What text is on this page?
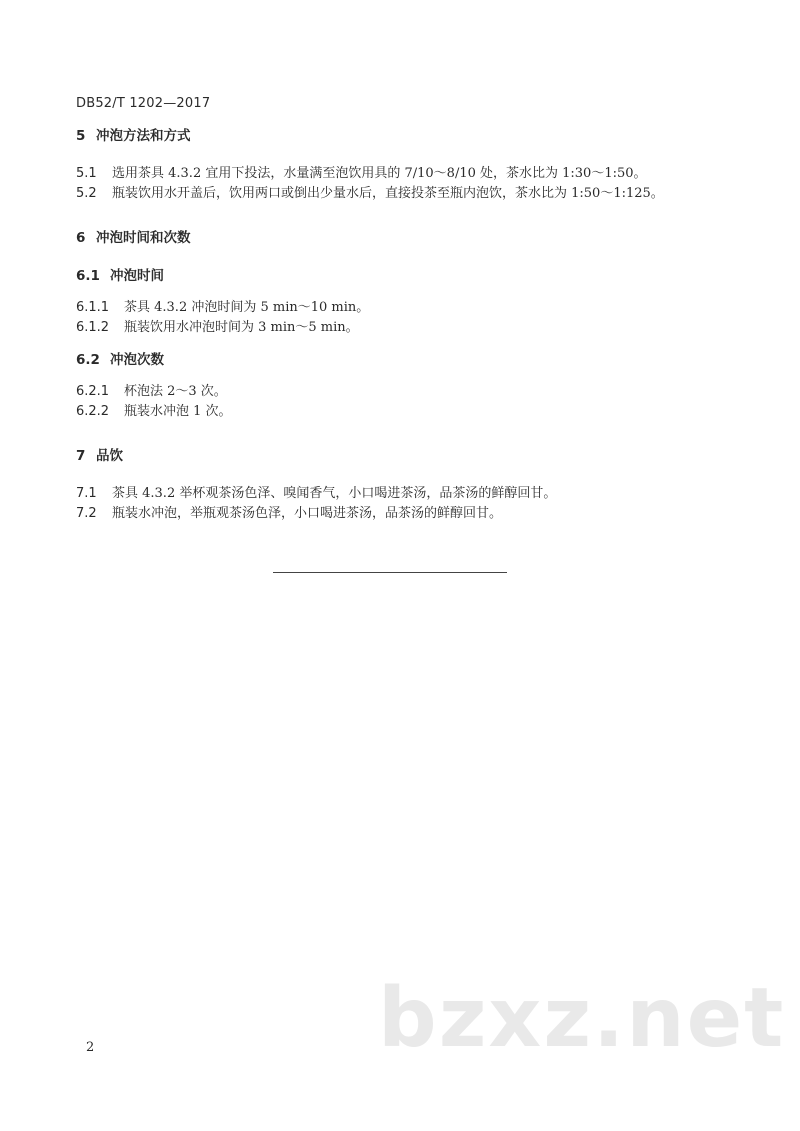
DB52/T 1202—2017
5 冲泡方法和方式
5.1 选用茶具 4.3.2 宜用下投法，水量满至泡饮用具的 7/10～8/10 处，茶水比为 1:30～1:50。
5.2 瓶装饮用水开盖后，饮用两口或倒出少量水后，直接投茶至瓶内泡饮，茶水比为 1:50～1:125。
6 冲泡时间和次数
6.1 冲泡时间
6.1.1 茶具 4.3.2 冲泡时间为 5 min～10 min。
6.1.2 瓶装饮用水冲泡时间为 3 min～5 min。
6.2 冲泡次数
6.2.1 杯泡法 2～3 次。
6.2.2 瓶装水冲泡 1 次。
7 品饮
7.1 茶具 4.3.2 举杯观茶汤色泽、嗅闻香气，小口喝进茶汤，品茶汤的鲜醇回甘。
7.2 瓶装水冲泡，举瓶观茶汤色泽，小口喝进茶汤，品茶汤的鲜醇回甘。
bzxz.net
2
